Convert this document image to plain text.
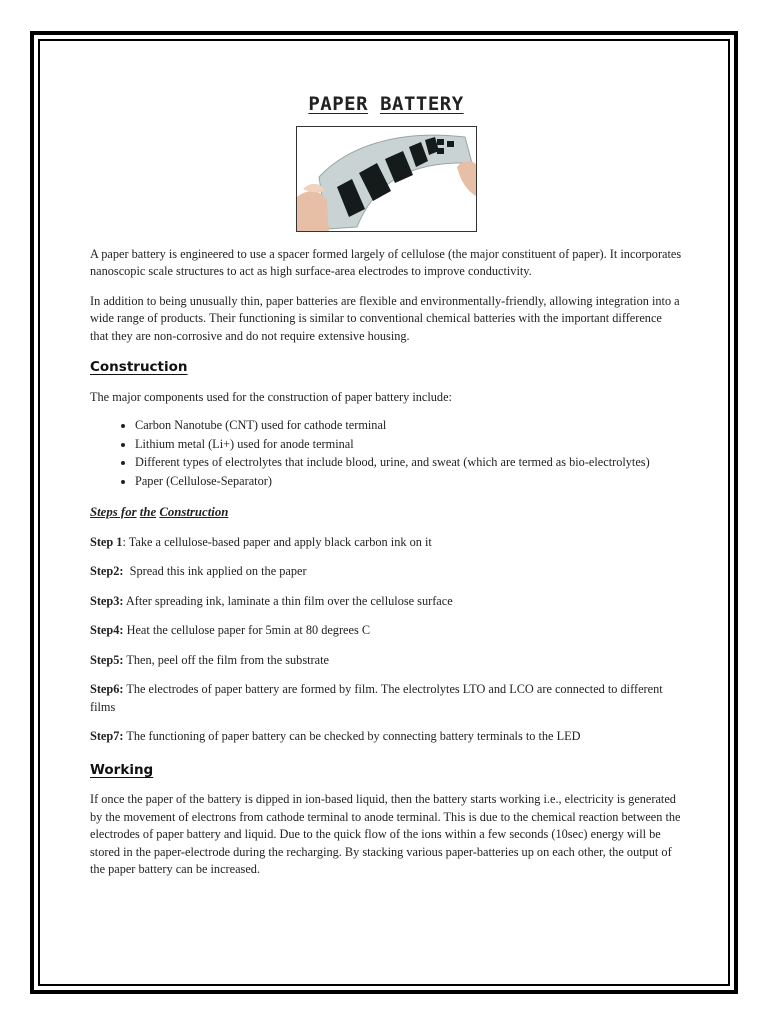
PAPER BATTERY

A paper battery is engineered to use a spacer formed largely of cellulose (the major constituent of paper). It incorporates nanoscopic scale structures to act as high surface-area electrodes to improve conductivity.

In addition to being unusually thin, paper batteries are flexible and environmentally-friendly, allowing integration into a wide range of products. Their functioning is similar to conventional chemical batteries with the important difference that they are non-corrosive and do not require extensive housing.

Construction

The major components used for the construction of paper battery include:

• Carbon Nanotube (CNT) used for cathode terminal
• Lithium metal (Li+) used for anode terminal
• Different types of electrolytes that include blood, urine, and sweat (which are termed as bio-electrolytes)
• Paper (Cellulose-Separator)
Steps for the Construction
Step 1: Take a cellulose-based paper and apply black carbon ink on it
Step2: Spread this ink applied on the paper
Step3: After spreading ink, laminate a thin film over the cellulose surface
Step4: Heat the cellulose paper for 5min at 80 degrees C
Step5: Then, peel off the film from the substrate
Step6: The electrodes of paper battery are formed by film. The electrolytes LTO and LCO are connected to different films
Step7: The functioning of paper battery can be checked by connecting battery terminals to the LED
Working

If once the paper of the battery is dipped in ion-based liquid, then the battery starts working i.e., electricity is generated by the movement of electrons from cathode terminal to anode terminal. This is due to the chemical reaction between the electrodes of paper battery and liquid. Due to the quick flow of the ions within a few seconds (10sec) energy will be stored in the paper-electrode during the recharging. By stacking various paper-batteries up on each other, the output of the paper battery can be increased.
